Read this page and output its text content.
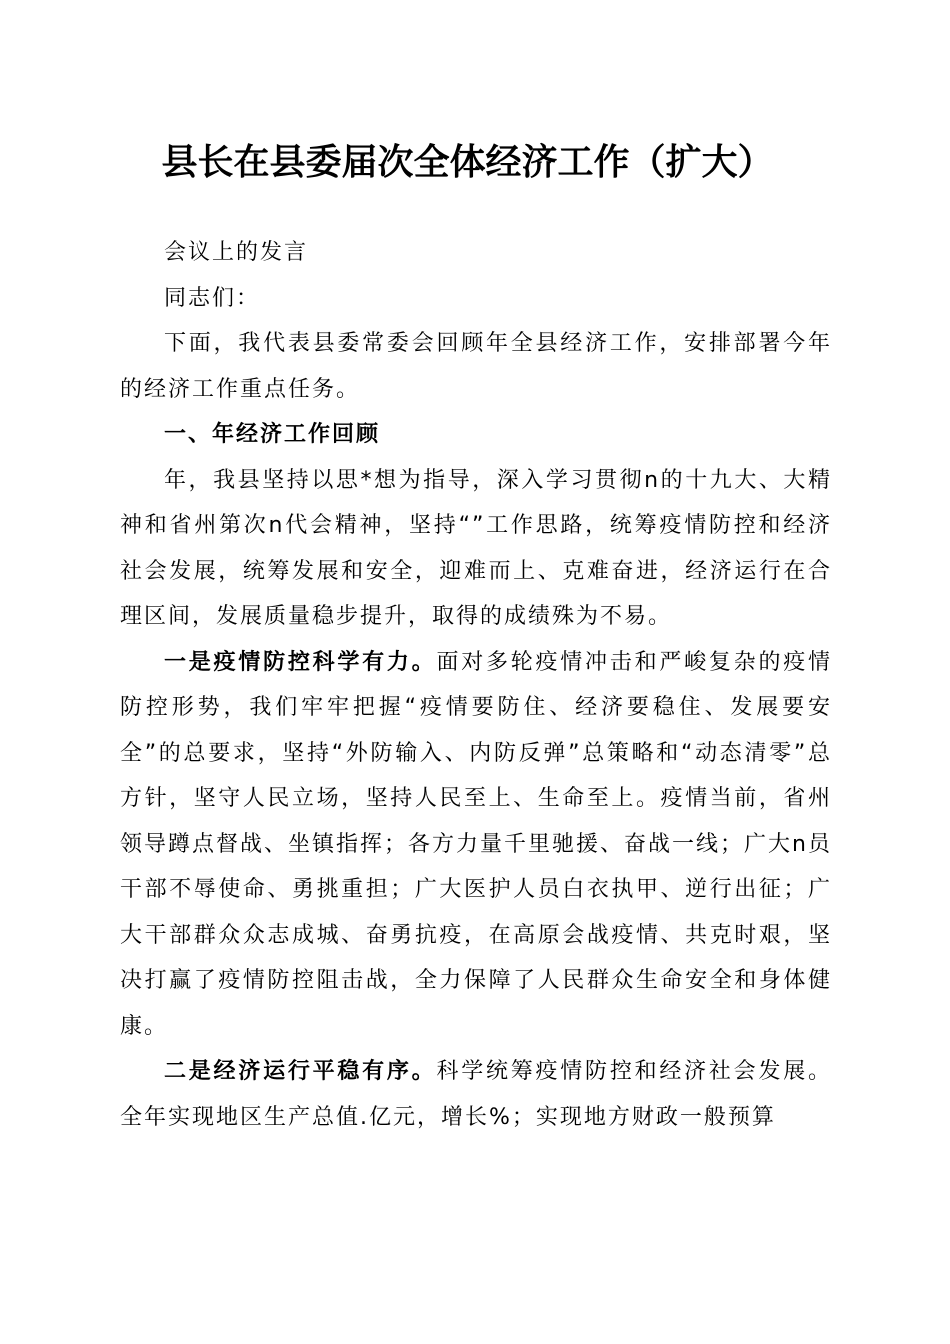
县长在县委届次全体经济工作（扩大）

会议上的发言

同志们：

下面，我代表县委常委会回顾年全县经济工作，安排部署今年的经济工作重点任务。

一、年经济工作回顾

年，我县坚持以思*想为指导，深入学习贯彻n的十九大、大精神和省州第次n代会精神，坚持“”工作思路，统筹疫情防控和经济社会发展，统筹发展和安全，迎难而上、克难奋进，经济运行在合理区间，发展质量稳步提升，取得的成绩殊为不易。

一是疫情防控科学有力。面对多轮疫情冲击和严峻复杂的疫情防控形势，我们牢牢把握“疫情要防住、经济要稳住、发展要安全”的总要求，坚持“外防输入、内防反弹”总策略和“动态清零”总方针，坚守人民立场，坚持人民至上、生命至上。疫情当前，省州领导蹲点督战、坐镇指挥；各方力量千里驰援、奋战一线；广大n员干部不辱使命、勇挑重担；广大医护人员白衣执甲、逆行出征；广大干部群众众志成城、奋勇抗疫，在高原会战疫情、共克时艰，坚决打赢了疫情防控阻击战，全力保障了人民群众生命安全和身体健康。

二是经济运行平稳有序。科学统筹疫情防控和经济社会发展。全年实现地区生产总值.亿元，增长%；实现地方财政一般预算
